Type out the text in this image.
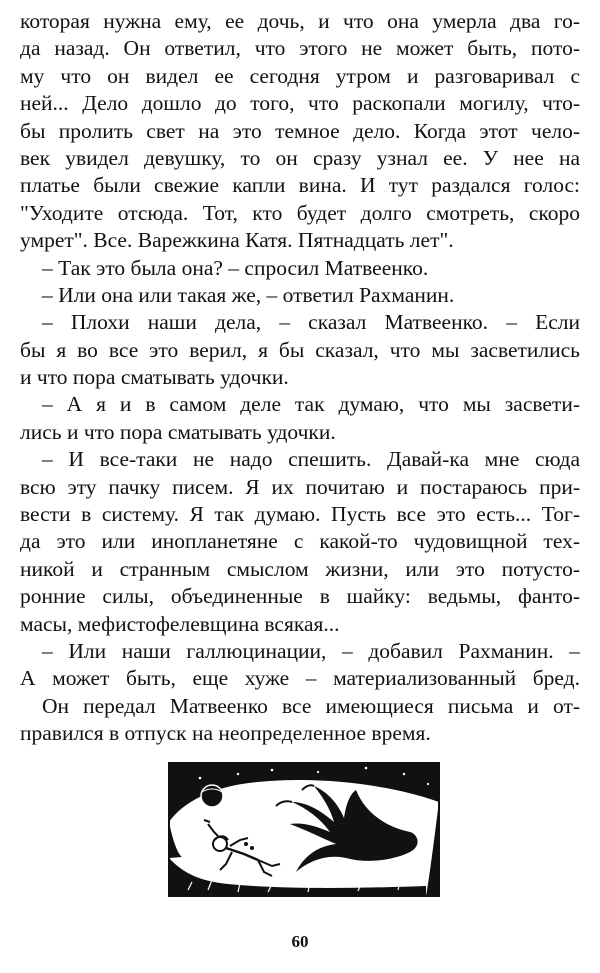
которая нужна ему, ее дочь, и что она умерла два го-
да назад. Он ответил, что этого не может быть, пото-
му что он видел ее сегодня утром и разговаривал с
ней... Дело дошло до того, что раскопали могилу, что-
бы пролить свет на это темное дело. Когда этот чело-
век увидел девушку, то он сразу узнал ее. У нее на
платье были свежие капли вина. И тут раздался голос:
"Уходите отсюда. Тот, кто будет долго смотреть, скоро
умрет". Все. Варежкина Катя. Пятнадцать лет".
– Так это была она? – спросил Матвеенко.
– Или она или такая же, – ответил Рахманин.
– Плохи наши дела, – сказал Матвеенко. – Если
бы я во все это верил, я бы сказал, что мы засветились
и что пора сматывать удочки.
– А я и в самом деле так думаю, что мы засвети-
лись и что пора сматывать удочки.
– И все-таки не надо спешить. Давай-ка мне сюда
всю эту пачку писем. Я их почитаю и постараюсь при-
вести в систему. Я так думаю. Пусть все это есть... Тог-
да это или инопланетяне с какой-то чудовищной тех-
никой и странным смыслом жизни, или это потусто-
ронние силы, объединенные в шайку: ведьмы, фанто-
масы, мефистофелевщина всякая...
– Или наши галлюцинации, – добавил Рахманин. –
А может быть, еще хуже – материализованный бред.
Он передал Матвеенко все имеющиеся письма и от-
правился в отпуск на неопределенное время.
60
